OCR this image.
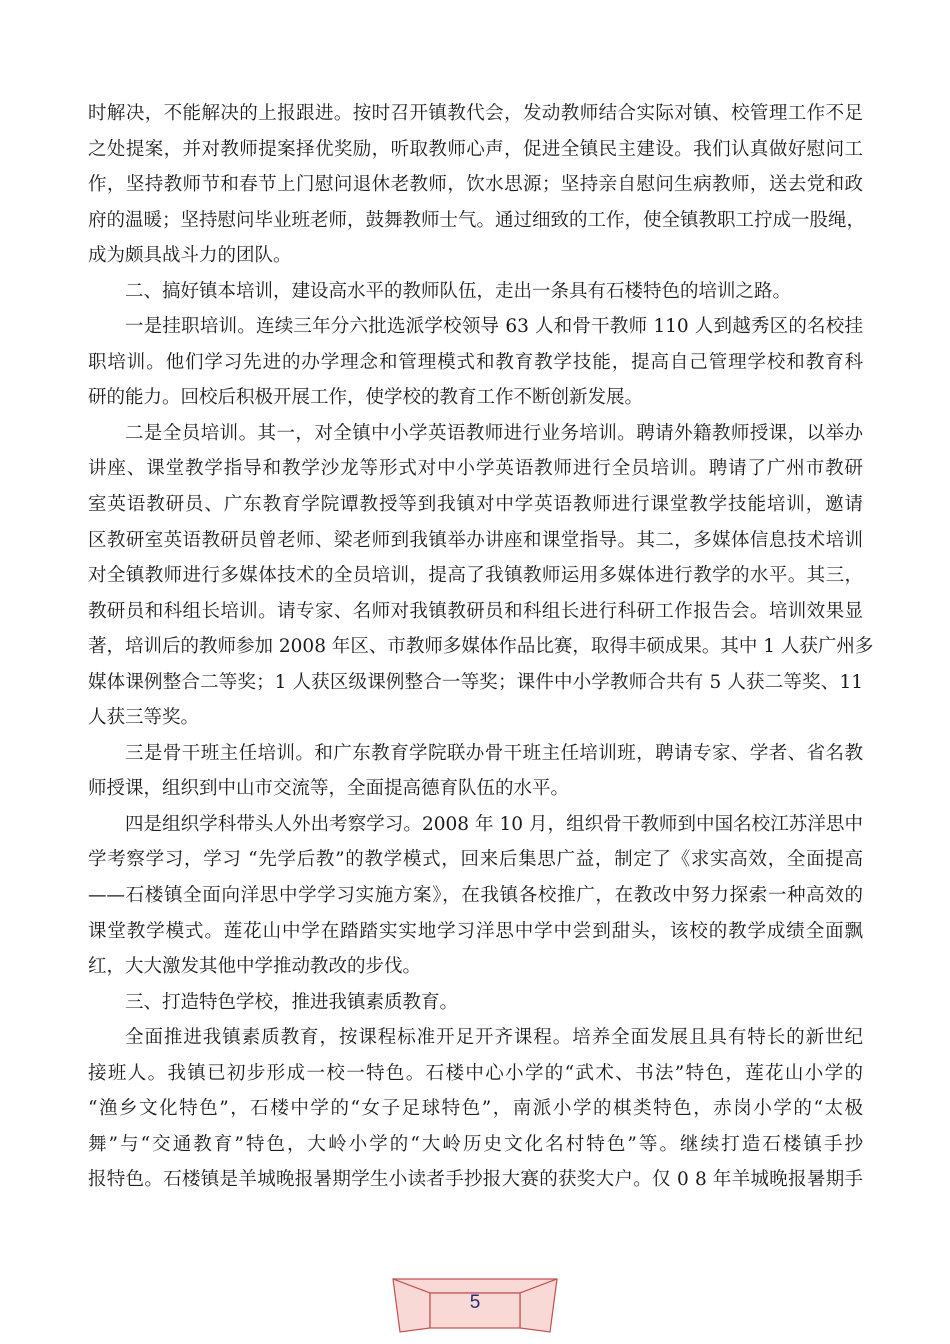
时解决，不能解决的上报跟进。按时召开镇教代会，发动教师结合实际对镇、校管理工作不足
之处提案，并对教师提案择优奖励，听取教师心声，促进全镇民主建设。我们认真做好慰问工
作，坚持教师节和春节上门慰问退休老教师，饮水思源；坚持亲自慰问生病教师，送去党和政
府的温暖；坚持慰问毕业班老师，鼓舞教师士气。通过细致的工作，使全镇教职工拧成一股绳，
成为颇具战斗力的团队。
二、搞好镇本培训，建设高水平的教师队伍，走出一条具有石楼特色的培训之路。
一是挂职培训。连续三年分六批选派学校领导 63 人和骨干教师 110 人到越秀区的名校挂
职培训。他们学习先进的办学理念和管理模式和教育教学技能，提高自己管理学校和教育科
研的能力。回校后积极开展工作，使学校的教育工作不断创新发展。
二是全员培训。其一，对全镇中小学英语教师进行业务培训。聘请外籍教师授课，以举办
讲座、课堂教学指导和教学沙龙等形式对中小学英语教师进行全员培训。聘请了广州市教研
室英语教研员、广东教育学院谭教授等到我镇对中学英语教师进行课堂教学技能培训，邀请
区教研室英语教研员曾老师、梁老师到我镇举办讲座和课堂指导。其二，多媒体信息技术培训
对全镇教师进行多媒体技术的全员培训，提高了我镇教师运用多媒体进行教学的水平。其三，
教研员和科组长培训。请专家、名师对我镇教研员和科组长进行科研工作报告会。培训效果显
著，培训后的教师参加 2008 年区、市教师多媒体作品比赛，取得丰硕成果。其中 1 人获广州多
媒体课例整合二等奖；1 人获区级课例整合一等奖；课件中小学教师合共有 5 人获二等奖、11
人获三等奖。
三是骨干班主任培训。和广东教育学院联办骨干班主任培训班，聘请专家、学者、省名教
师授课，组织到中山市交流等，全面提高德育队伍的水平。
四是组织学科带头人外出考察学习。2008 年 10 月，组织骨干教师到中国名校江苏洋思中
学考察学习，学习 “先学后教”的教学模式，回来后集思广益，制定了《求实高效，全面提高
——石楼镇全面向洋思中学学习实施方案》，在我镇各校推广，在教改中努力探索一种高效的
课堂教学模式。莲花山中学在踏踏实实地学习洋思中学中尝到甜头，该校的教学成绩全面飘
红，大大激发其他中学推动教改的步伐。
三、打造特色学校，推进我镇素质教育。
全面推进我镇素质教育，按课程标准开足开齐课程。培养全面发展且具有特长的新世纪
接班人。我镇已初步形成一校一特色。石楼中心小学的“武术、书法”特色，莲花山小学的
“渔乡文化特色”，石楼中学的“女子足球特色”，南派小学的棋类特色，赤岗小学的“太极
舞”与“交通教育”特色，大岭小学的“大岭历史文化名村特色”等。继续打造石楼镇手抄
报特色。石楼镇是羊城晚报暑期学生小读者手抄报大赛的获奖大户。仅 0 8 年羊城晚报暑期手
5
